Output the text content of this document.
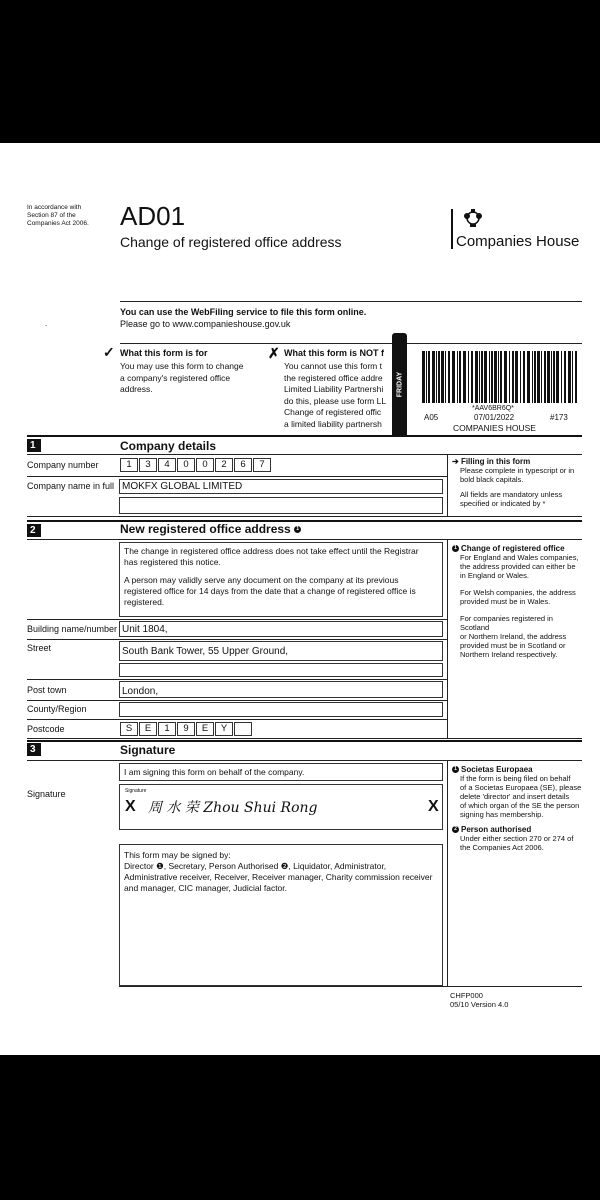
In accordance with
Section 87 of the
Companies Act 2006. AD01
Change of registered office address	Companies House
You can use the WebFiling service to file this form online.
Please go to www.companieshouse.gov.uk
.
✓ What this form is for
You may use this form to change
a company's registered office
address.
✗ What this form is NOT f
You cannot use this form t
the registered office addre
Limited Liability Partnershi
do this, please use form LL
Change of registered offic
a limited liability partnersh
FRIDAY
*AAV6BR6Q*
A05	07/01/2022	#173
COMPANIES HOUSE
1	Company details
Company number	1	3	4	0	0	2	6	7
Company name in full MOKFX GLOBAL LIMITED
➔ Filling in this form
Please complete in typescript or in
bold black capitals.
All fields are mandatory unless
specified or indicated by *
2	New registered office address 1
The change in registered office address does not take effect until the Registrar
has registered this notice.
A person may validly serve any document on the company at its previous
registered office for 14 days from the date that a change of registered office is
registered.
Building name/number Unit 1804,
Street	South Bank Tower, 55 Upper Ground,
Post town	London,
County/Region
Postcode	S	E	1	9	E	Y
1 Change of registered office
For England and Wales companies,
the address provided can either be
in England or Wales.
For Welsh companies, the address
provided must be in Wales.
For companies registered in Scotland
or Northern Ireland, the address
provided must be in Scotland or
Northern Ireland respectively.
3	Signature
I am signing this form on behalf of the company.
Signature	Signature
X 周 水 荣 Zhou Shui Rong	X
This form may be signed by:
Director ❶, Secretary, Person Authorised ❷, Liquidator, Administrator,
Administrative receiver, Receiver, Receiver manager, Charity commission receiver
and manager, CIC manager, Judicial factor.
1 Societas Europaea
If the form is being filed on behalf
of a Societas Europaea (SE), please
delete 'director' and insert details
of which organ of the SE the person
signing has membership.
2 Person authorised
Under either section 270 or 274 of
the Companies Act 2006.
CHFP000
05/10 Version 4.0
